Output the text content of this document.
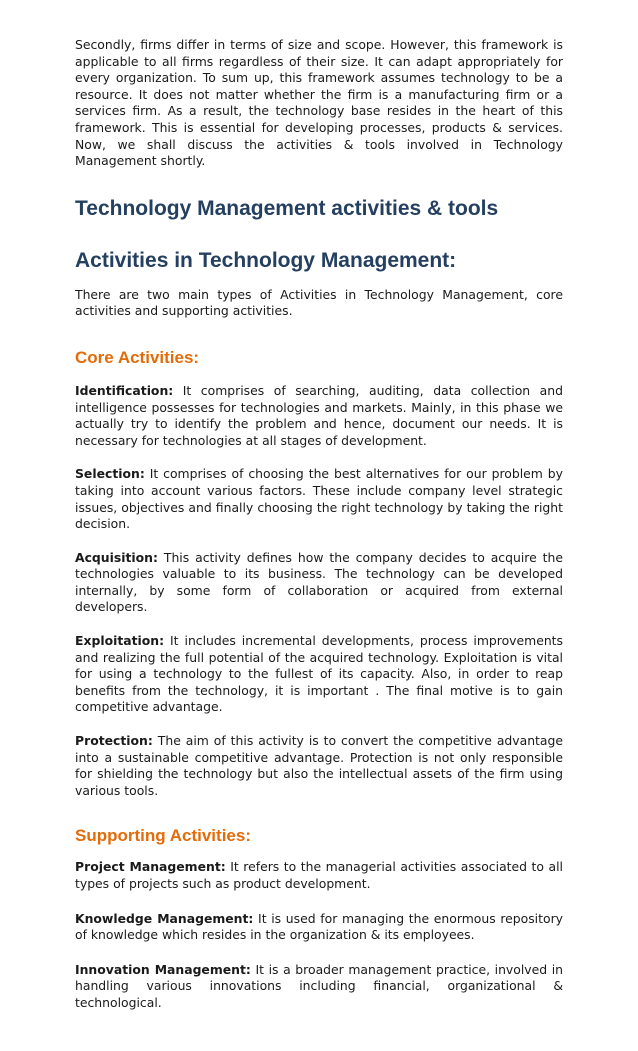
Secondly, firms differ in terms of size and scope. However, this framework is applicable to all firms regardless of their size. It can adapt appropriately for every organization. To sum up, this framework assumes technology to be a resource. It does not matter whether the firm is a manufacturing firm or a services firm. As a result, the technology base resides in the heart of this framework. This is essential for developing processes, products & services. Now, we shall discuss the activities & tools involved in Technology Management shortly.

Technology Management activities & tools
Activities in Technology Management:

There are two main types of Activities in Technology Management, core activities and supporting activities.

Core Activities:

Identification: It comprises of searching, auditing, data collection and intelligence possesses for technologies and markets. Mainly, in this phase we actually try to identify the problem and hence, document our needs. It is necessary for technologies at all stages of development.

Selection: It comprises of choosing the best alternatives for our problem by taking into account various factors. These include company level strategic issues, objectives and finally choosing the right technology by taking the right decision.

Acquisition: This activity defines how the company decides to acquire the technologies valuable to its business. The technology can be developed internally, by some form of collaboration or acquired from external developers.

Exploitation: It includes incremental developments, process improvements and realizing the full potential of the acquired technology. Exploitation is vital for using a technology to the fullest of its capacity. Also, in order to reap benefits from the technology, it is important . The final motive is to gain competitive advantage.

Protection: The aim of this activity is to convert the competitive advantage into a sustainable competitive advantage. Protection is not only responsible for shielding the technology but also the intellectual assets of the firm using various tools.

Supporting Activities:

Project Management: It refers to the managerial activities associated to all types of projects such as product development.

Knowledge Management: It is used for managing the enormous repository of knowledge which resides in the organization & its employees.

Innovation Management: It is a broader management practice, involved in handling various innovations including financial, organizational & technological.
